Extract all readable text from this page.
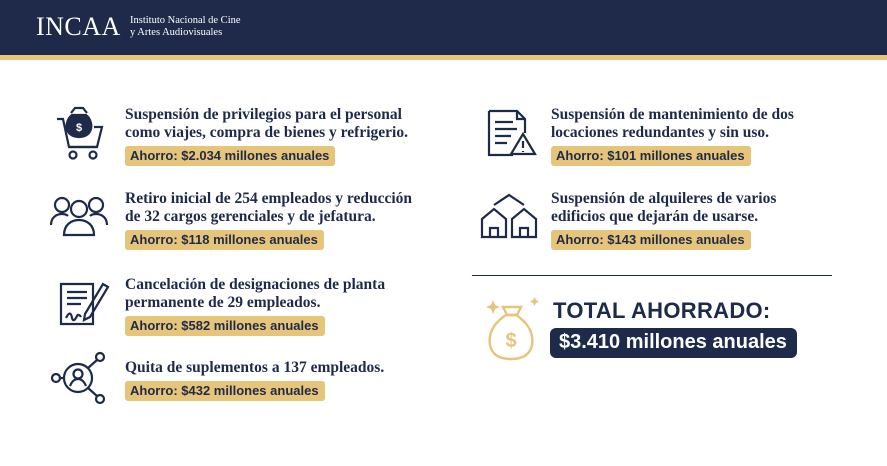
INCAA Instituto Nacional de Cine
y Artes Audiovisuales
$
Suspensión de privilegios para el personal
como viajes, compra de bienes y refrigerio.
Ahorro: $2.034 millones anuales
Retiro inicial de 254 empleados y reducción
de 32 cargos gerenciales y de jefatura.
Ahorro: $118 millones anuales
Cancelación de designaciones de planta
permanente de 29 empleados.
Ahorro: $582 millones anuales
Quita de suplementos a 137 empleados.
Ahorro: $432 millones anuales
Suspensión de mantenimiento de dos
locaciones redundantes y sin uso.
Ahorro: $101 millones anuales
Suspensión de alquileres de varios
edificios que dejarán de usarse.
Ahorro: $143 millones anuales
$
TOTAL AHORRADO:
$3.410 millones anuales
